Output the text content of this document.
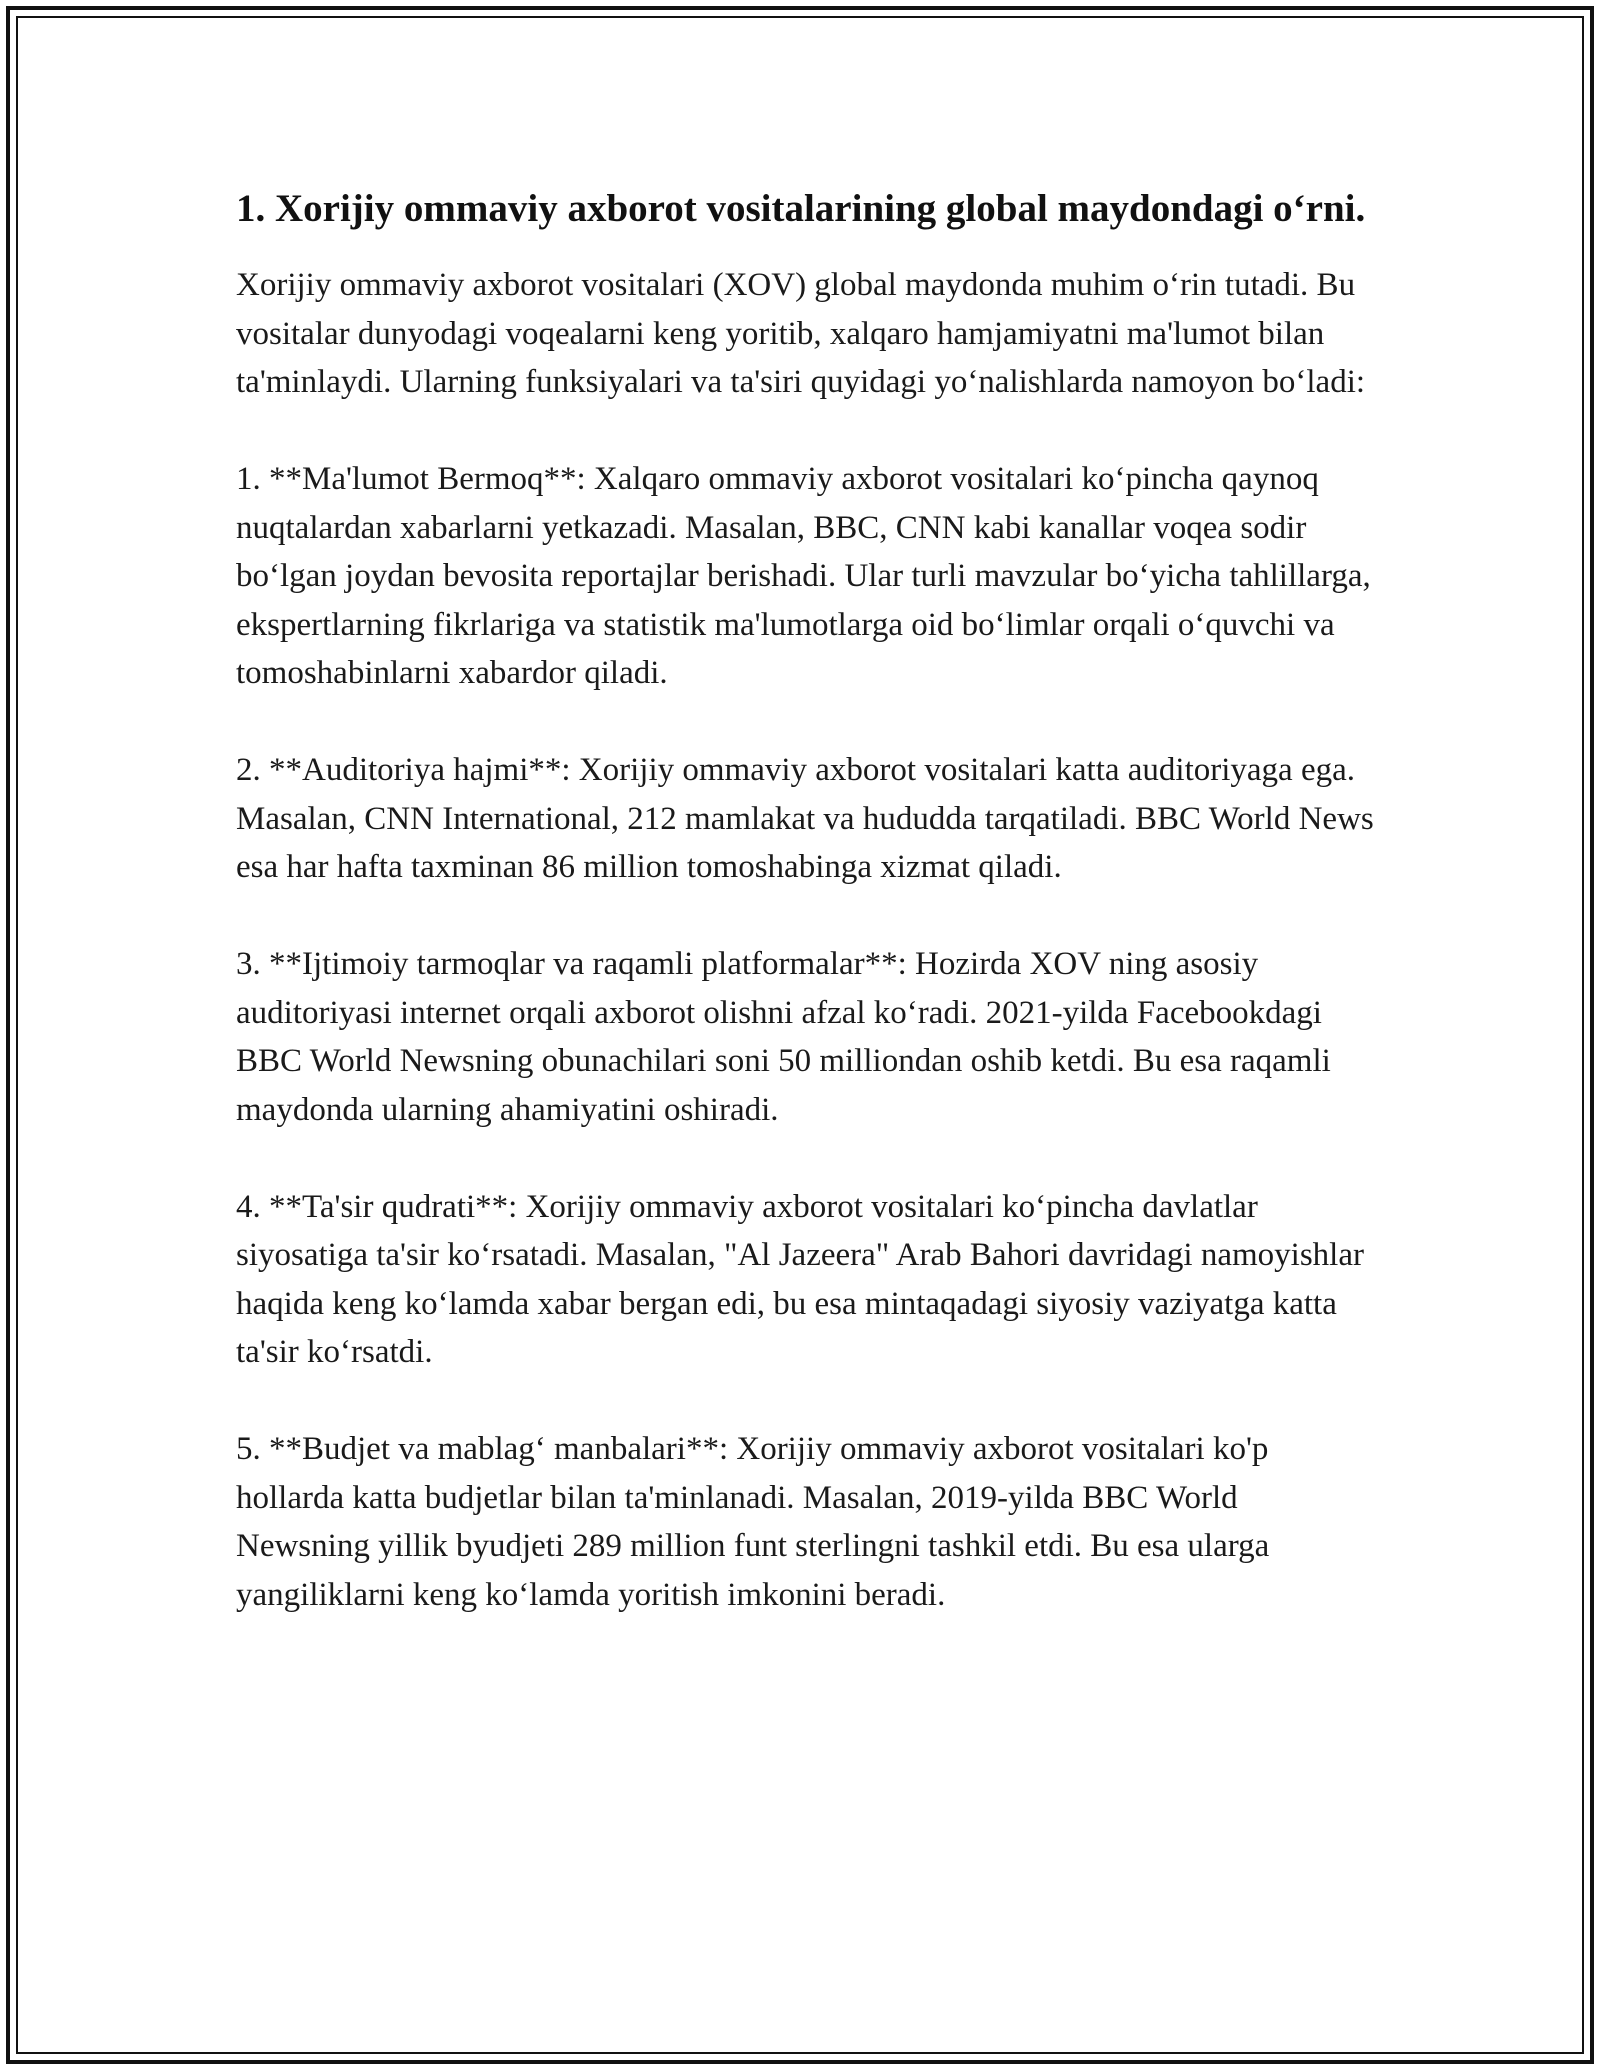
1. Xorijiy ommaviy axborot vositalarining global maydondagi o‘rni.

Xorijiy ommaviy axborot vositalari (XOV) global maydonda muhim o‘rin tutadi. Bu vositalar dunyodagi voqealarni keng yoritib, xalqaro hamjamiyatni ma'lumot bilan ta'minlaydi. Ularning funksiyalari va ta'siri quyidagi yo‘nalishlarda namoyon bo‘ladi:

1. **Ma'lumot Bermoq**: Xalqaro ommaviy axborot vositalari ko‘pincha qaynoq nuqtalardan xabarlarni yetkazadi. Masalan, BBC, CNN kabi kanallar voqea sodir bo‘lgan joydan bevosita reportajlar berishadi. Ular turli mavzular bo‘yicha tahlillarga, ekspertlarning fikrlariga va statistik ma'lumotlarga oid bo‘limlar orqali o‘quvchi va tomoshabinlarni xabardor qiladi.

2. **Auditoriya hajmi**: Xorijiy ommaviy axborot vositalari katta auditoriyaga ega. Masalan, CNN International, 212 mamlakat va hududda tarqatiladi. BBC World News esa har hafta taxminan 86 million tomoshabinga xizmat qiladi.

3. **Ijtimoiy tarmoqlar va raqamli platformalar**: Hozirda XOV ning asosiy auditoriyasi internet orqali axborot olishni afzal ko‘radi. 2021-yilda Facebookdagi BBC World Newsning obunachilari soni 50 milliondan oshib ketdi. Bu esa raqamli maydonda ularning ahamiyatini oshiradi.

4. **Ta'sir qudrati**: Xorijiy ommaviy axborot vositalari ko‘pincha davlatlar siyosatiga ta'sir ko‘rsatadi. Masalan, "Al Jazeera" Arab Bahori davridagi namoyishlar haqida keng ko‘lamda xabar bergan edi, bu esa mintaqadagi siyosiy vaziyatga katta ta'sir ko‘rsatdi.

5. **Budjet va mablag‘ manbalari**: Xorijiy ommaviy axborot vositalari ko'p hollarda katta budjetlar bilan ta'minlanadi. Masalan, 2019-yilda BBC World Newsning yillik byudjeti 289 million funt sterlingni tashkil etdi. Bu esa ularga yangiliklarni keng ko‘lamda yoritish imkonini beradi.
